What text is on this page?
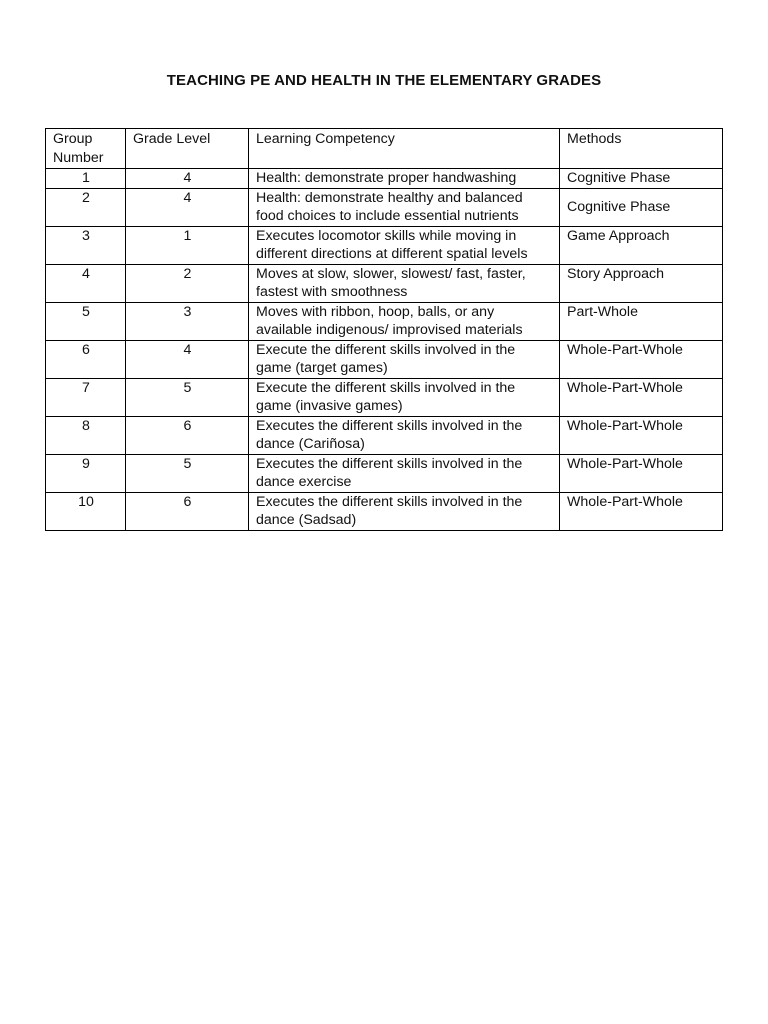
TEACHING PE AND HEALTH IN THE ELEMENTARY GRADES
Group Number	Grade Level	Learning Competency	Methods
1	4	Health: demonstrate proper handwashing	Cognitive Phase
2	4	Health: demonstrate healthy and balanced food choices to include essential nutrients	Cognitive Phase
3	1	Executes locomotor skills while moving in different directions at different spatial levels	Game Approach
4	2	Moves at slow, slower, slowest/ fast, faster, fastest with smoothness	Story Approach
5	3	Moves with ribbon, hoop, balls, or any available indigenous/ improvised materials	Part-Whole
6	4	Execute the different skills involved in the game (target games)	Whole-Part-Whole
7	5	Execute the different skills involved in the game (invasive games)	Whole-Part-Whole
8	6	Executes the different skills involved in the dance (Cariñosa)	Whole-Part-Whole
9	5	Executes the different skills involved in the dance exercise	Whole-Part-Whole
10	6	Executes the different skills involved in the dance (Sadsad)	Whole-Part-Whole
